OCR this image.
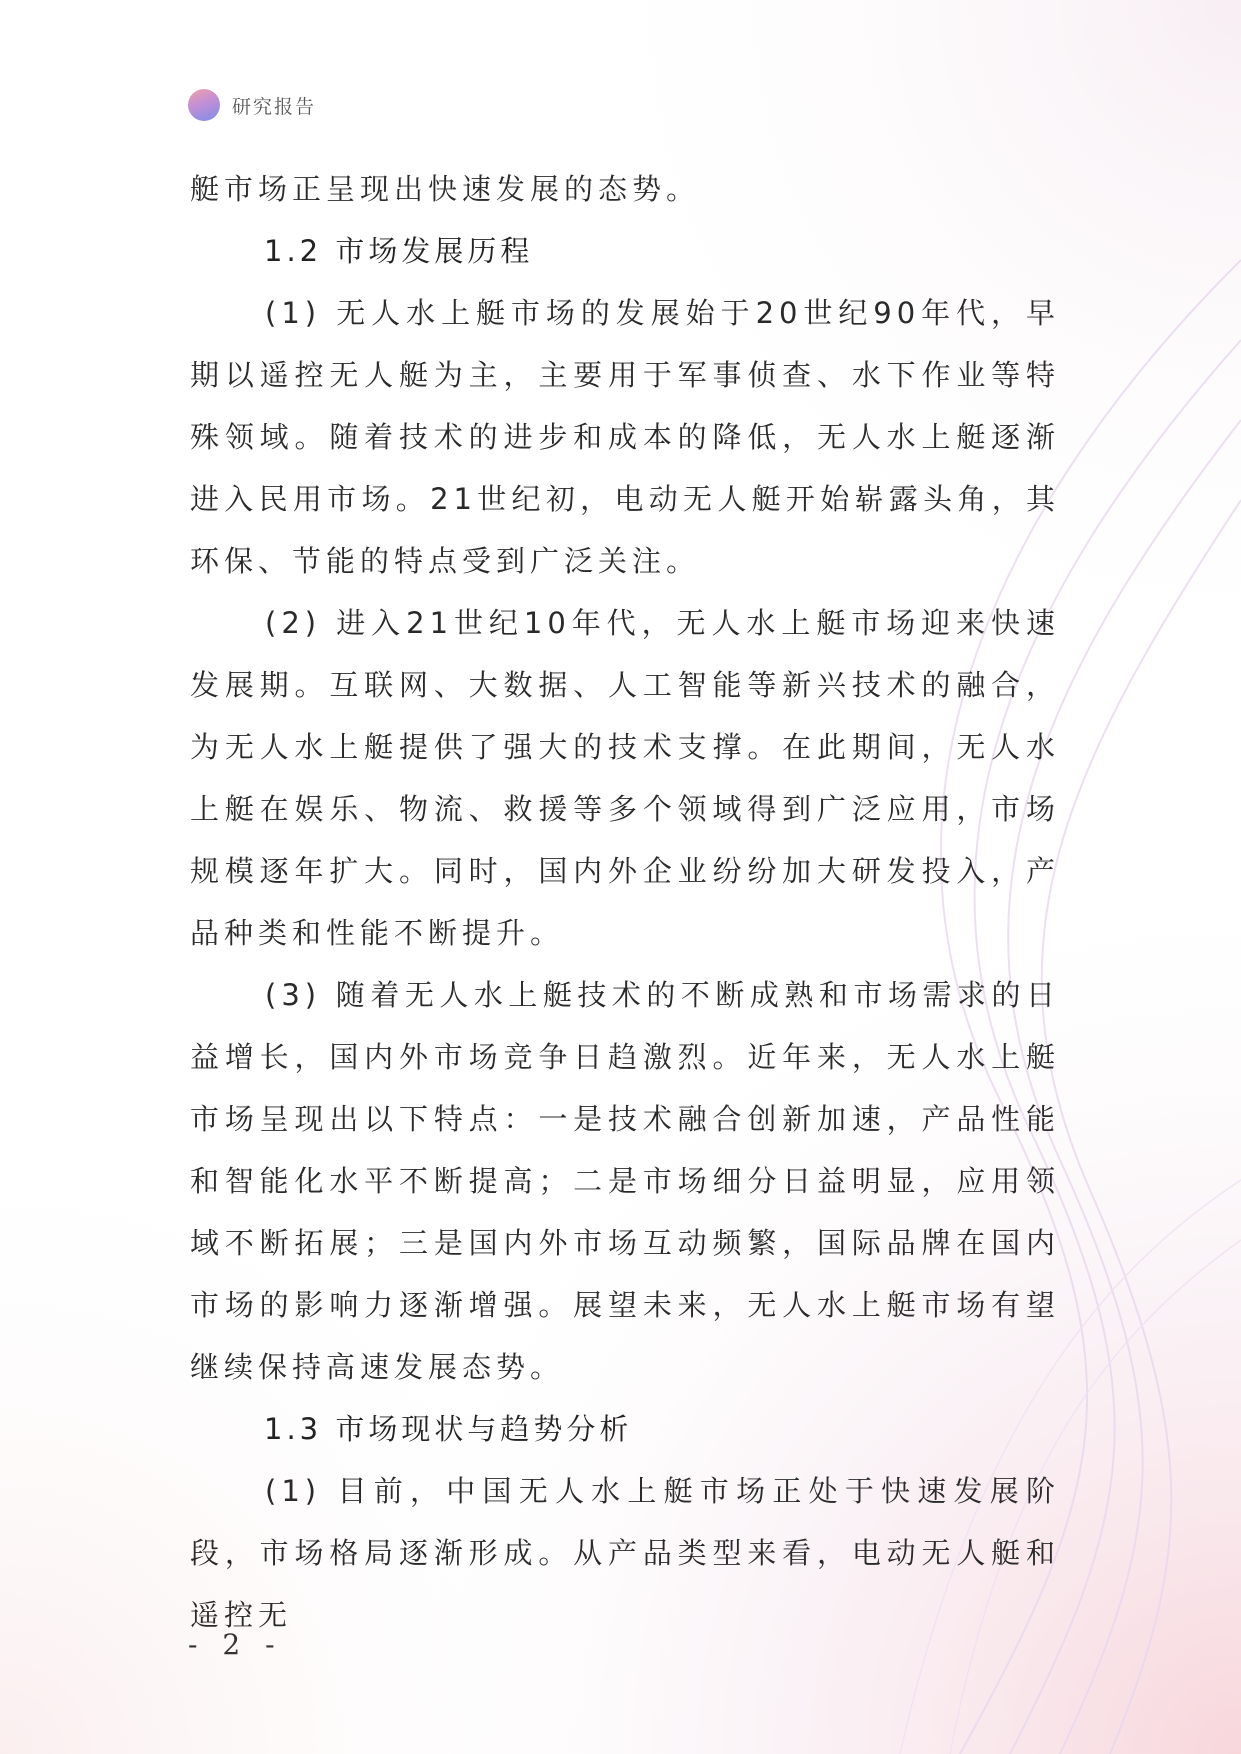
研究报告

艇市场正呈现出快速发展的态势。

1.2 市场发展历程

(1) 无人水上艇市场的发展始于20世纪90年代，早期以遥控无人艇为主，主要用于军事侦查、水下作业等特殊领域。随着技术的进步和成本的降低，无人水上艇逐渐进入民用市场。21世纪初，电动无人艇开始崭露头角，其环保、节能的特点受到广泛关注。

(2) 进入21世纪10年代，无人水上艇市场迎来快速发展期。互联网、大数据、人工智能等新兴技术的融合，为无人水上艇提供了强大的技术支撑。在此期间，无人水上艇在娱乐、物流、救援等多个领域得到广泛应用，市场规模逐年扩大。同时，国内外企业纷纷加大研发投入，产品种类和性能不断提升。

(3) 随着无人水上艇技术的不断成熟和市场需求的日益增长，国内外市场竞争日趋激烈。近年来，无人水上艇市场呈现出以下特点：一是技术融合创新加速，产品性能和智能化水平不断提高；二是市场细分日益明显，应用领域不断拓展；三是国内外市场互动频繁，国际品牌在国内市场的影响力逐渐增强。展望未来，无人水上艇市场有望继续保持高速发展态势。

1.3 市场现状与趋势分析

(1) 目前，中国无人水上艇市场正处于快速发展阶段，市场格局逐渐形成。从产品类型来看，电动无人艇和遥控无

- 2 -
